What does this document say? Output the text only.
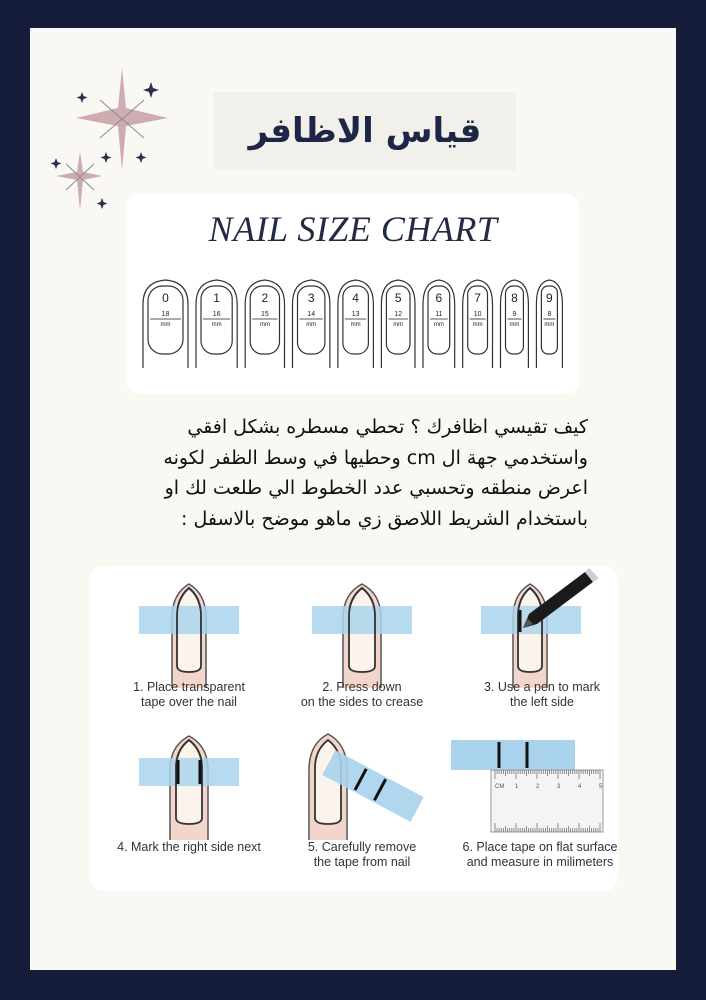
قياس الاظافر
NAIL SIZE CHART
0
18
mm
1
16
mm
2
15
mm
3
14
mm
4
13
mm
5
12
mm
6
11
mm
7
10
mm
8
9
mm
9
8
mm
كيف تقيسي اظافرك ؟ تحطي مسطره بشكل افقي
واستخدمي جهة ال cm وحطيها في وسط الظفر لكونه
اعرض منطقه وتحسبي عدد الخطوط الي طلعت لك او
باستخدام الشريط اللاصق زي ماهو موضح بالاسفل :
1. Place transparent
tape over the nail
2. Press down
on the sides to crease
3. Use a pen to mark
the left side
4. Mark the right side next	5. Carefully remove
the tape from nail
CM 1	2	3	4	5
6. Place tape on flat surface
and measure in milimeters
